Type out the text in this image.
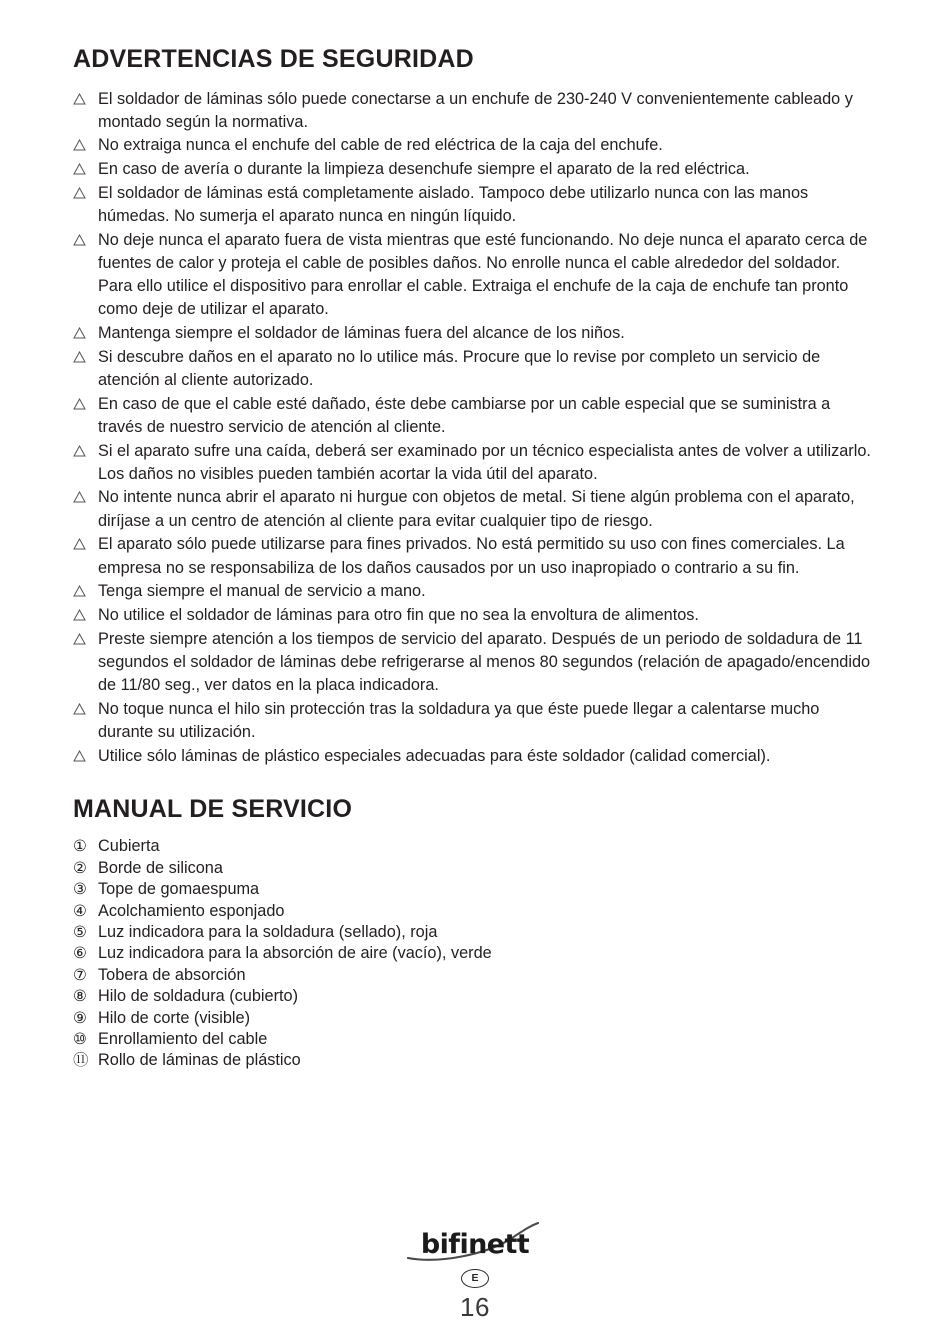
ADVERTENCIAS DE SEGURIDAD
El soldador de láminas sólo puede conectarse a un enchufe de 230-240 V convenientemente cableado y montado según la normativa.
No extraiga nunca el enchufe del cable de red eléctrica de la caja del enchufe.
En caso de avería o durante la limpieza desenchufe siempre el aparato de la red eléctrica.
El soldador de láminas está completamente aislado. Tampoco debe utilizarlo nunca con las manos húmedas. No sumerja el aparato nunca en ningún líquido.
No deje nunca el aparato fuera de vista mientras que esté funcionando. No deje nunca el aparato cerca de fuentes de calor y proteja el cable de posibles daños. No enrolle nunca el cable alrededor del soldador. Para ello utilice el dispositivo para enrollar el cable. Extraiga el enchufe de la caja de enchufe tan pronto como deje de utilizar el aparato.
Mantenga siempre el soldador de láminas fuera del alcance de los niños.
Si descubre daños en el aparato no lo utilice más. Procure que lo revise por completo un servicio de atención al cliente autorizado.
En caso de que el cable esté dañado, éste debe cambiarse por un cable especial que se suministra a través de nuestro servicio de atención al cliente.
Si el aparato sufre una caída, deberá ser examinado por un técnico especialista antes de volver a utilizarlo. Los daños no visibles pueden también acortar la vida útil del aparato.
No intente nunca abrir el aparato ni hurgue con objetos de metal. Si tiene algún problema con el aparato, diríjase a un centro de atención al cliente para evitar cualquier tipo de riesgo.
El aparato sólo puede utilizarse para fines privados. No está permitido su uso con fines comerciales. La empresa no se responsabiliza de los daños causados por un uso inapropiado o contrario a su fin.
Tenga siempre el manual de servicio a mano.
No utilice el soldador de láminas para otro fin que no sea la envoltura de alimentos.
Preste siempre atención a los tiempos de servicio del aparato. Después de un periodo de soldadura de 11 segundos el soldador de láminas debe refrigerarse al menos 80 segundos (relación de apagado/encendido de 11/80 seg., ver datos en la placa indicadora.
No toque nunca el hilo sin protección tras la soldadura ya que éste puede llegar a calentarse mucho durante su utilización.
Utilice sólo láminas de plástico especiales adecuadas para éste soldador (calidad comercial).
MANUAL DE SERVICIO
① Cubierta
② Borde de silicona
③ Tope de gomaespuma
④ Acolchamiento esponjado
⑤ Luz indicadora para la soldadura (sellado), roja
⑥ Luz indicadora para la absorción de aire (vacío), verde
⑦ Tobera de absorción
⑧ Hilo de soldadura (cubierto)
⑨ Hilo de corte (visible)
⑩ Enrollamiento del cable
⑪ Rollo de láminas de plástico
bifinett
E
16
